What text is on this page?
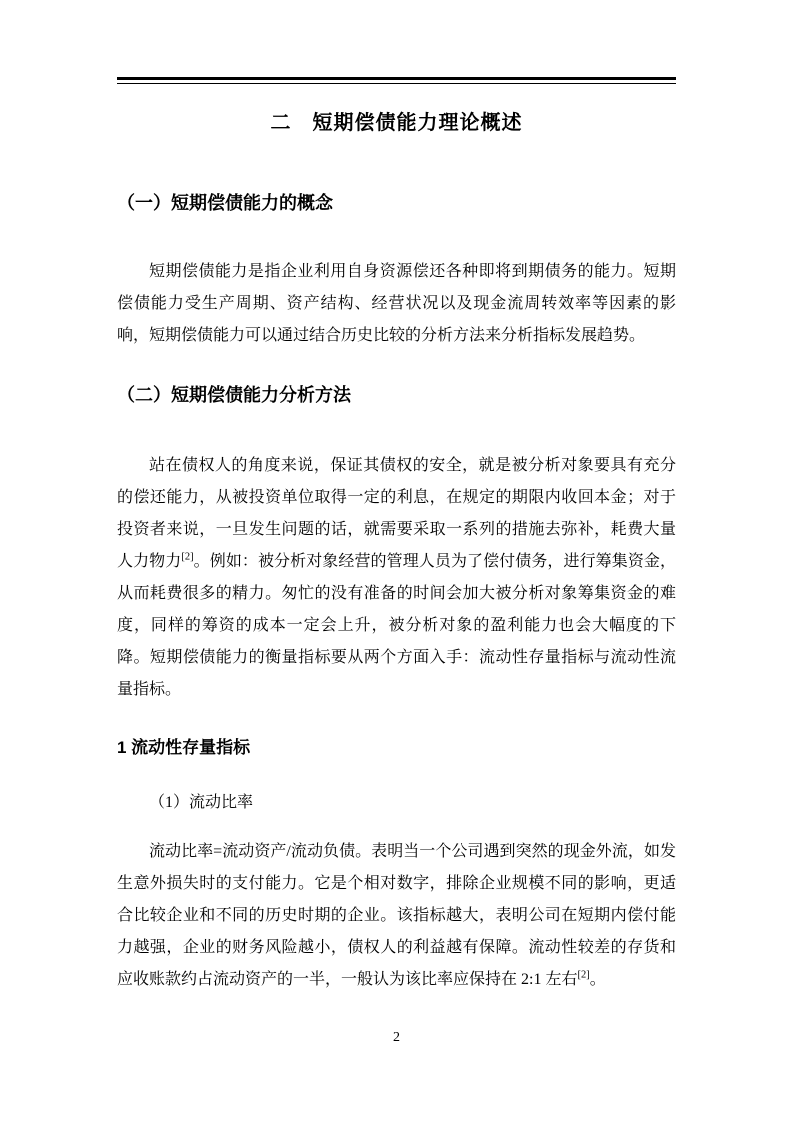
二　短期偿债能力理论概述
（一）短期偿债能力的概念

短期偿债能力是指企业利用自身资源偿还各种即将到期债务的能力。短期偿债能力受生产周期、资产结构、经营状况以及现金流周转效率等因素的影响，短期偿债能力可以通过结合历史比较的分析方法来分析指标发展趋势。

（二）短期偿债能力分析方法

站在债权人的角度来说，保证其债权的安全，就是被分析对象要具有充分的偿还能力，从被投资单位取得一定的利息，在规定的期限内收回本金；对于投资者来说，一旦发生问题的话，就需要采取一系列的措施去弥补，耗费大量人力物力[2]。例如：被分析对象经营的管理人员为了偿付债务，进行筹集资金，从而耗费很多的精力。匆忙的没有准备的时间会加大被分析对象筹集资金的难度，同样的筹资的成本一定会上升，被分析对象的盈利能力也会大幅度的下降。短期偿债能力的衡量指标要从两个方面入手：流动性存量指标与流动性流量指标。

1 流动性存量指标
（1）流动比率

流动比率=流动资产/流动负债。表明当一个公司遇到突然的现金外流，如发生意外损失时的支付能力。它是个相对数字，排除企业规模不同的影响，更适合比较企业和不同的历史时期的企业。该指标越大，表明公司在短期内偿付能力越强，企业的财务风险越小，债权人的利益越有保障。流动性较差的存货和应收账款约占流动资产的一半，一般认为该比率应保持在 2:1 左右[2]。

2
